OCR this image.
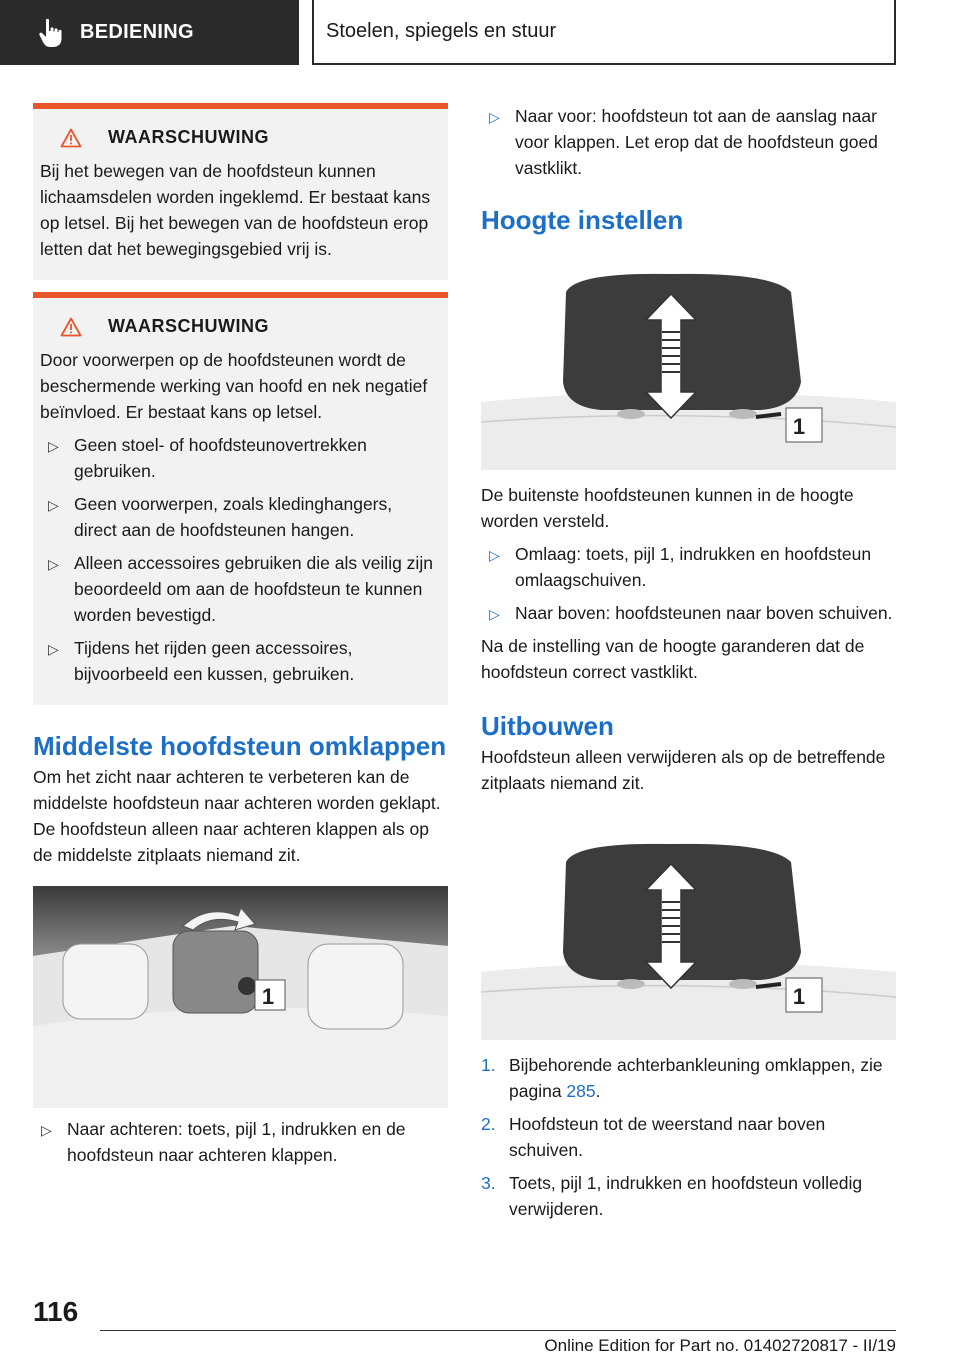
BEDIENING	Stoelen, spiegels en stuur
WAARSCHUWING

Bij het bewegen van de hoofdsteun kunnen lichaamsdelen worden ingeklemd. Er bestaat kans op letsel. Bij het bewegen van de hoofdsteun erop letten dat het bewegingsgebied vrij is.

WAARSCHUWING

Door voorwerpen op de hoofdsteunen wordt de beschermende werking van hoofd en nek negatief beïnvloed. Er bestaat kans op letsel.

▷ Geen stoel- of hoofdsteunovertrekken gebruiken.
▷ Geen voorwerpen, zoals kledinghangers, direct aan de hoofdsteunen hangen.
▷ Alleen accessoires gebruiken die als veilig zijn beoordeeld om aan de hoofdsteun te kunnen worden bevestigd.
▷ Tijdens het rijden geen accessoires, bijvoorbeeld een kussen, gebruiken.
Middelste hoofdsteun omklappen

Om het zicht naar achteren te verbeteren kan de middelste hoofdsteun naar achteren worden geklapt. De hoofdsteun alleen naar achteren klappen als op de middelste zitplaats niemand zit.

1
▷ Naar achteren: toets, pijl 1, indrukken en de hoofdsteun naar achteren klappen.
▷ Naar voor: hoofdsteun tot aan de aanslag naar voor klappen. Let erop dat de hoofdsteun goed vastklikt.
Hoogte instellen
1

De buitenste hoofdsteunen kunnen in de hoogte worden versteld.

▷ Omlaag: toets, pijl 1, indrukken en hoofdsteun omlaagschuiven.
▷ Naar boven: hoofdsteunen naar boven schuiven.

Na de instelling van de hoogte garanderen dat de hoofdsteun correct vastklikt.

Uitbouwen

Hoofdsteun alleen verwijderen als op de betreffende zitplaats niemand zit.

1
1. Bijbehorende achterbankleuning omklappen, zie pagina 285.
2. Hoofdsteun tot de weerstand naar boven schuiven.
3. Toets, pijl 1, indrukken en hoofdsteun volledig verwijderen.
116
Online Edition for Part no. 01402720817 - II/19
